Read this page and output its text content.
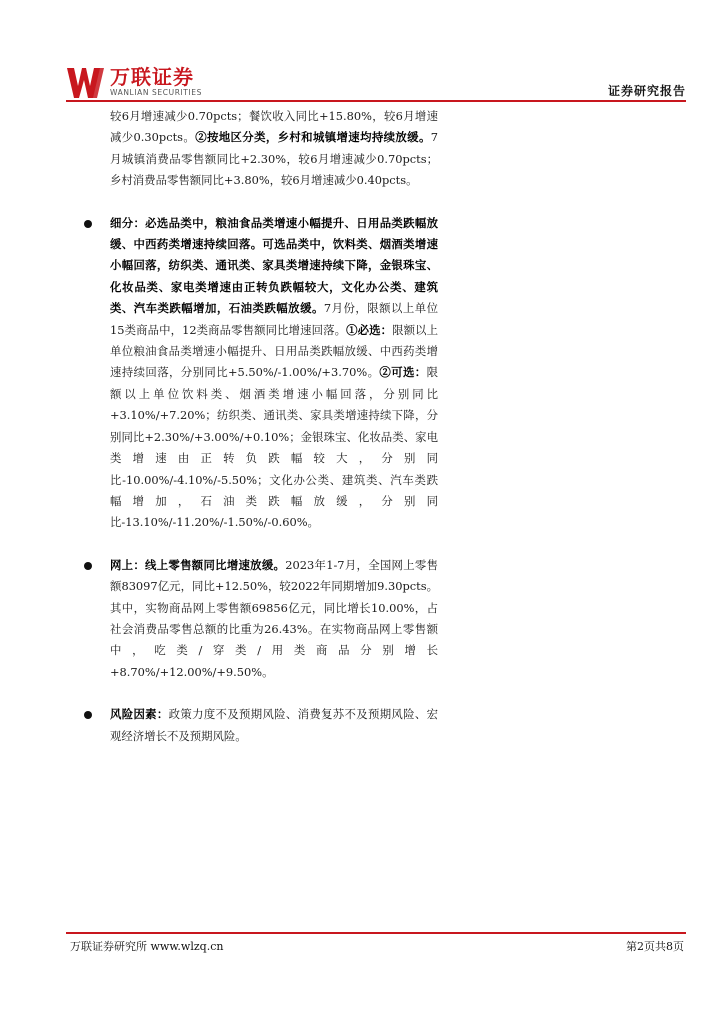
万联证券
WANLIAN SECURITIES	证券研究报告
较6月增速减少0.70pcts；餐饮收入同比+15.80%，较6月增速减少0.30pcts。②按地区分类，乡村和城镇增速均持续放缓。7月城镇消费品零售额同比+2.30%，较6月增速减少0.70pcts；乡村消费品零售额同比+3.80%，较6月增速减少0.40pcts。
细分：必选品类中，粮油食品类增速小幅提升、日用品类跌幅放缓、中西药类增速持续回落。可选品类中，饮料类、烟酒类增速小幅回落，纺织类、通讯类、家具类增速持续下降，金银珠宝、化妆品类、家电类增速由正转负跌幅较大，文化办公类、建筑类、汽车类跌幅增加，石油类跌幅放缓。7月份，限额以上单位15类商品中，12类商品零售额同比增速回落。①必选：限额以上单位粮油食品类增速小幅提升、日用品类跌幅放缓、中西药类增速持续回落，分别同比+5.50%/-1.00%/+3.70%。②可选：限额以上单位饮料类、烟酒类增速小幅回落，分别同比+3.10%/+7.20%；纺织类、通讯类、家具类增速持续下降，分别同比+2.30%/+3.00%/+0.10%；金银珠宝、化妆品类、家电类增速由正转负跌幅较大，分别同比-10.00%/-4.10%/-5.50%；文化办公类、建筑类、汽车类跌幅增加，石油类跌幅放缓，分别同比-13.10%/-11.20%/-1.50%/-0.60%。
网上：线上零售额同比增速放缓。2023年1-7月，全国网上零售额83097亿元，同比+12.50%，较2022年同期增加9.30pcts。其中，实物商品网上零售额69856亿元，同比增长10.00%，占社会消费品零售总额的比重为26.43%。在实物商品网上零售额中，吃类/穿类/用类商品分别增长+8.70%/+12.00%/+9.50%。
风险因素：政策力度不及预期风险、消费复苏不及预期风险、宏观经济增长不及预期风险。
万联证券研究所 www.wlzq.cn	第2页共8页
